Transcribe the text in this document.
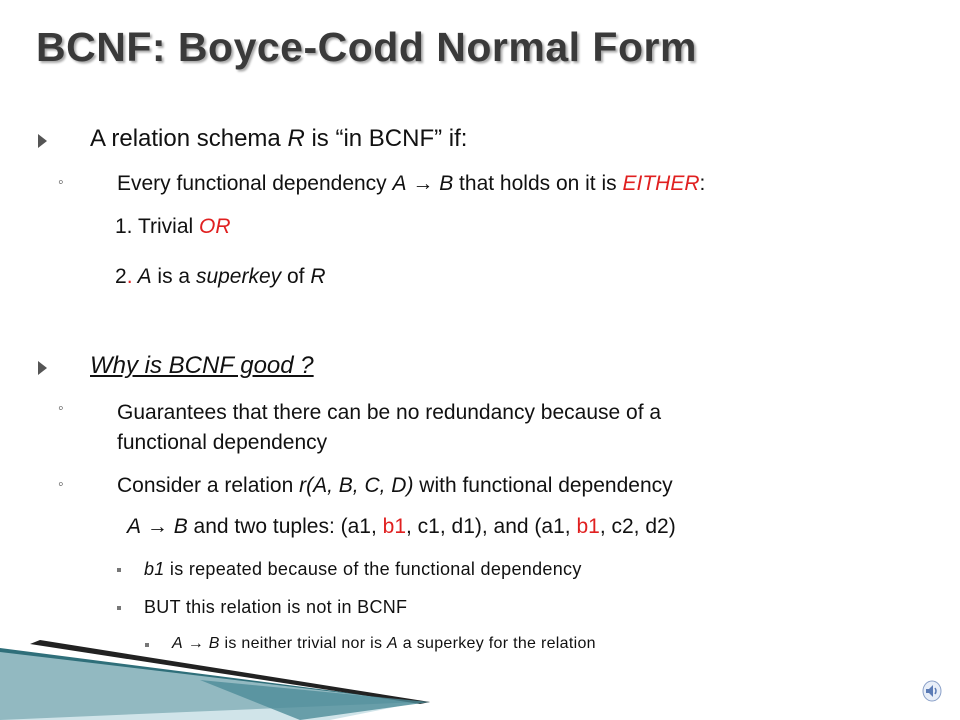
BCNF: Boyce-Codd Normal Form
A relation schema R is “in BCNF” if:
◦	Every functional dependency A → B that holds on it is EITHER:
1. Trivial OR
2. A is a superkey of R
Why is BCNF good ?
◦	Guarantees that there can be no redundancy because of a
functional dependency
◦	Consider a relation r(A, B, C, D) with functional dependency
A → B and two tuples: (a1, b1, c1, d1), and (a1, b1, c2, d2)
b1 is repeated because of the functional dependency
BUT this relation is not in BCNF
A → B is neither trivial nor is A a superkey for the relation
